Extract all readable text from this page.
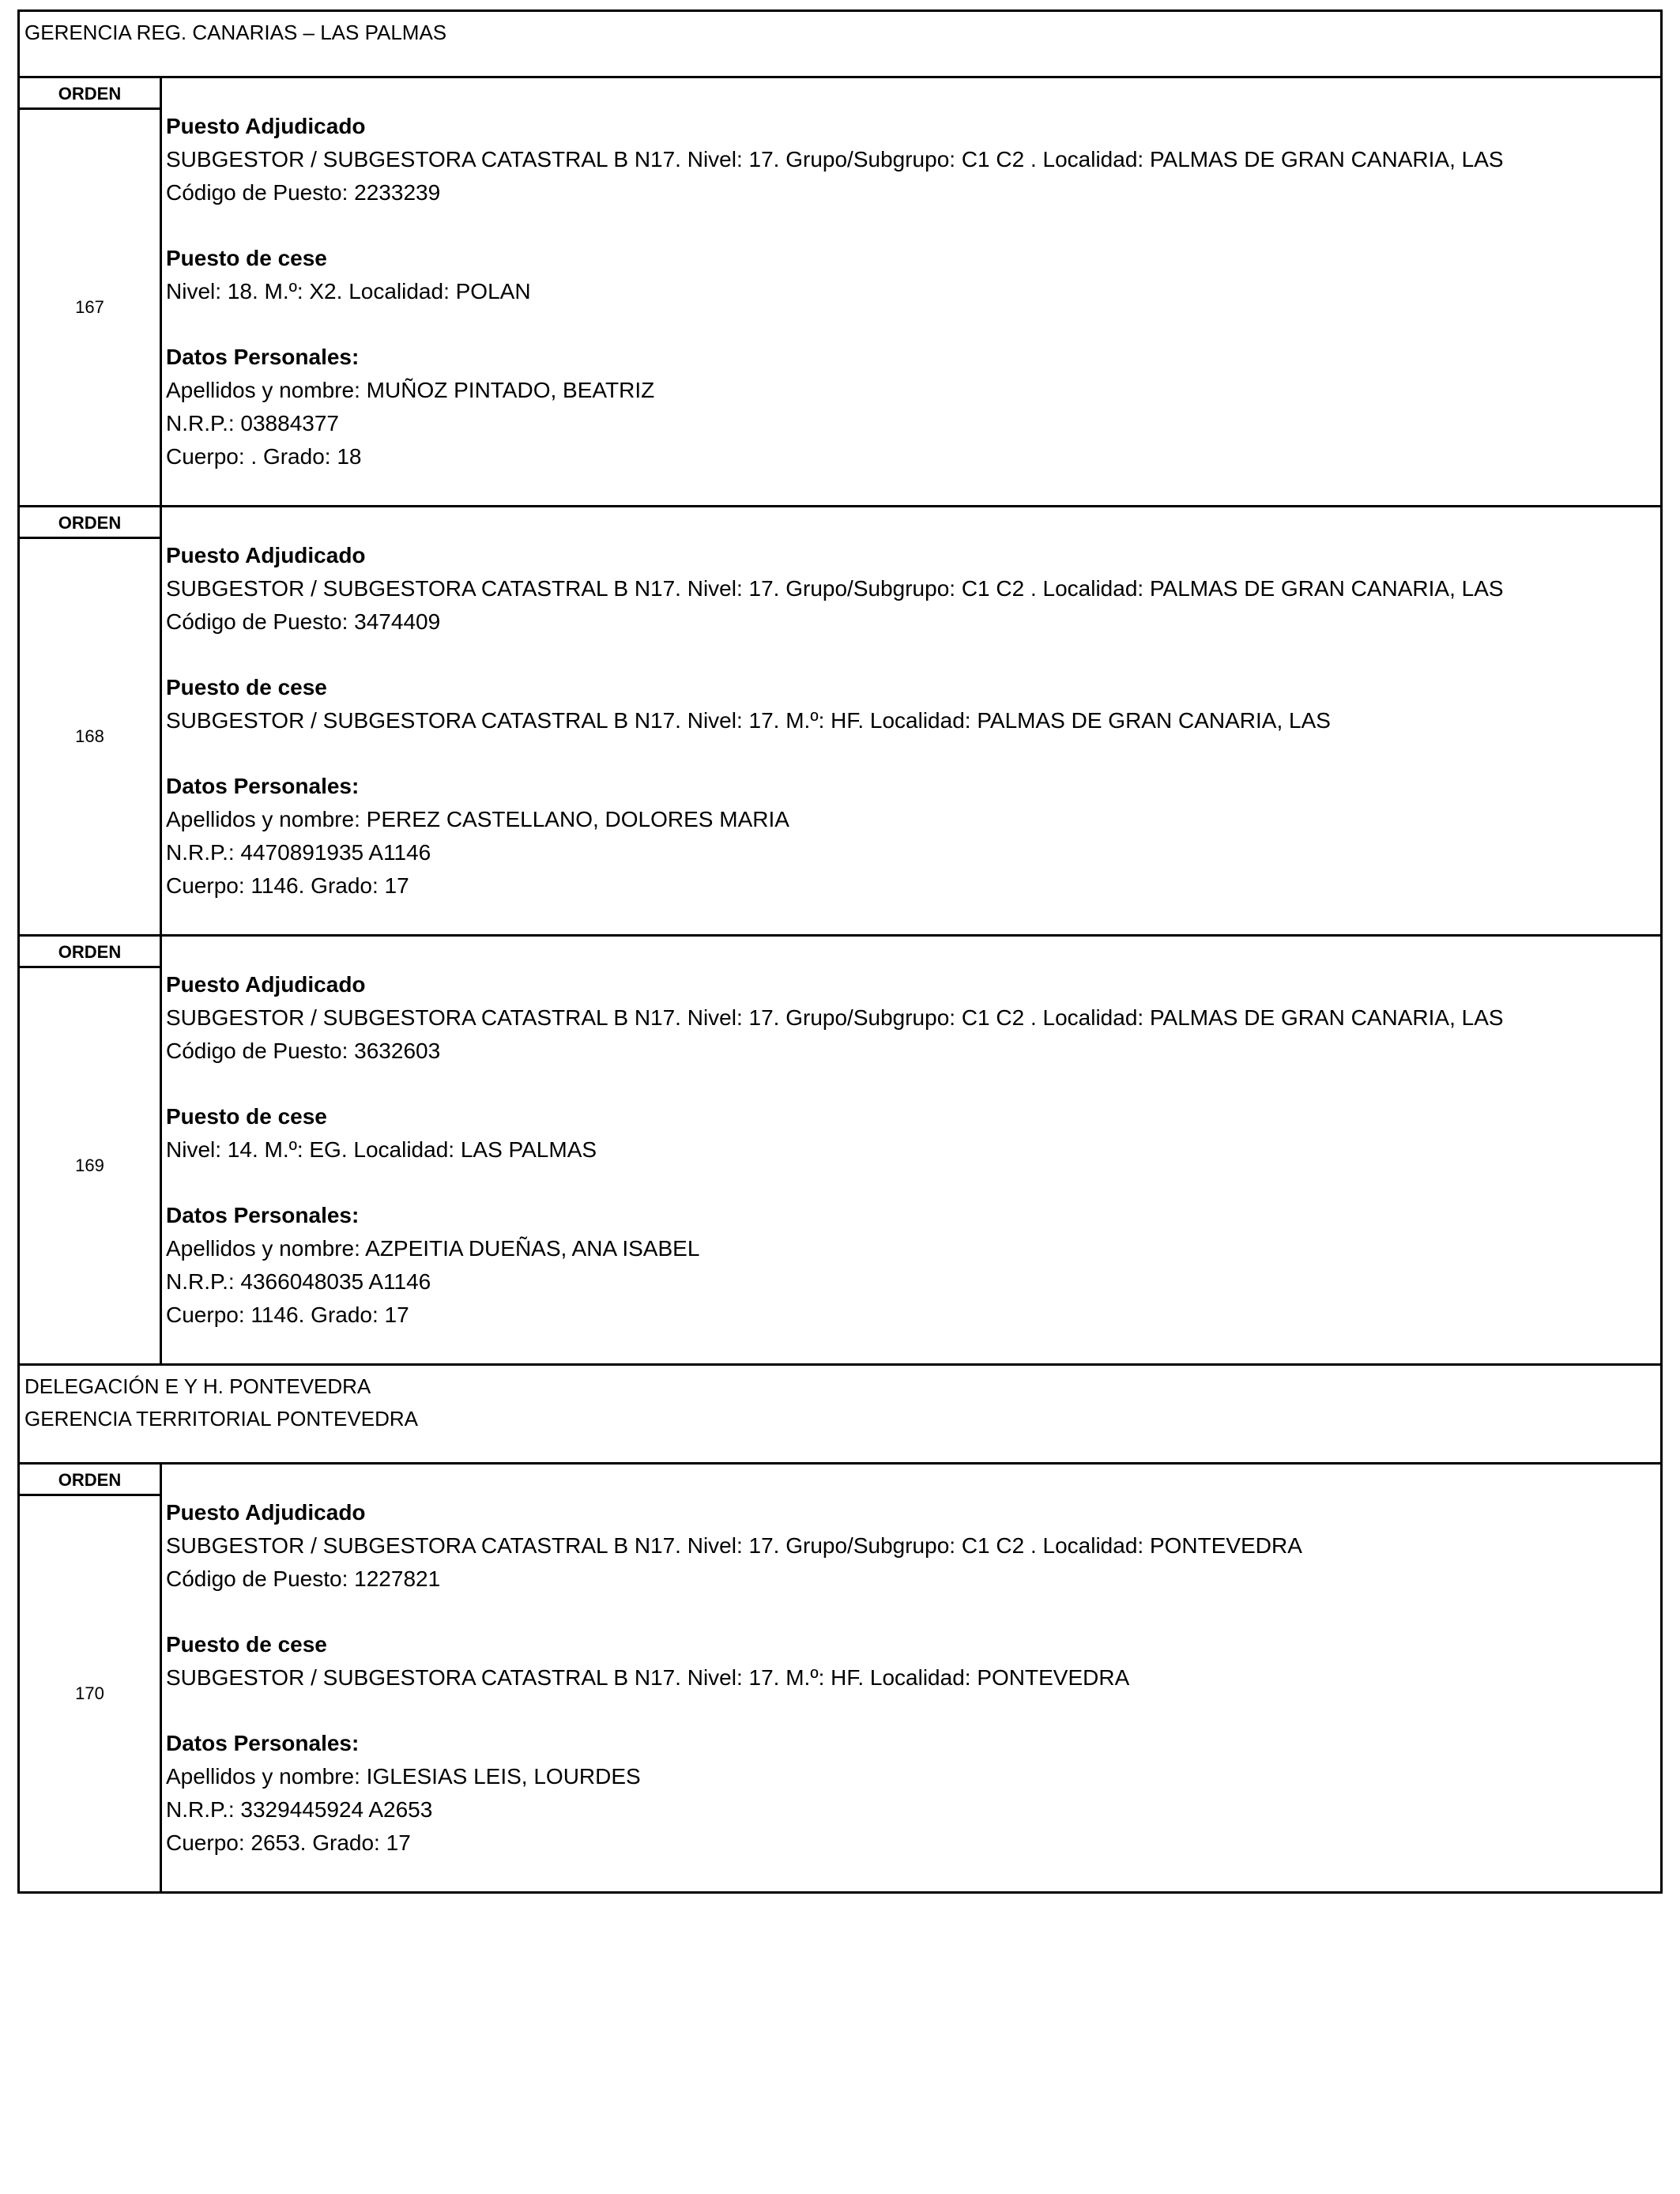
GERENCIA REG. CANARIAS – LAS PALMAS
ORDEN
167
Puesto Adjudicado
SUBGESTOR / SUBGESTORA CATASTRAL B N17. Nivel: 17. Grupo/Subgrupo: C1 C2 . Localidad: PALMAS DE GRAN CANARIA, LAS
Código de Puesto: 2233239
Puesto de cese
Nivel: 18. M.º: X2. Localidad: POLAN
Datos Personales:
Apellidos y nombre: MUÑOZ PINTADO, BEATRIZ
N.R.P.: 03884377
Cuerpo: . Grado: 18
ORDEN
168
Puesto Adjudicado
SUBGESTOR / SUBGESTORA CATASTRAL B N17. Nivel: 17. Grupo/Subgrupo: C1 C2 . Localidad: PALMAS DE GRAN CANARIA, LAS
Código de Puesto: 3474409
Puesto de cese
SUBGESTOR / SUBGESTORA CATASTRAL B N17. Nivel: 17. M.º: HF. Localidad: PALMAS DE GRAN CANARIA, LAS
Datos Personales:
Apellidos y nombre: PEREZ CASTELLANO, DOLORES MARIA
N.R.P.: 4470891935 A1146
Cuerpo: 1146. Grado: 17
ORDEN
169
Puesto Adjudicado
SUBGESTOR / SUBGESTORA CATASTRAL B N17. Nivel: 17. Grupo/Subgrupo: C1 C2 . Localidad: PALMAS DE GRAN CANARIA, LAS
Código de Puesto: 3632603
Puesto de cese
Nivel: 14. M.º: EG. Localidad: LAS PALMAS
Datos Personales:
Apellidos y nombre: AZPEITIA DUEÑAS, ANA ISABEL
N.R.P.: 4366048035 A1146
Cuerpo: 1146. Grado: 17
DELEGACIÓN E Y H. PONTEVEDRA
GERENCIA TERRITORIAL PONTEVEDRA
ORDEN
170
Puesto Adjudicado
SUBGESTOR / SUBGESTORA CATASTRAL B N17. Nivel: 17. Grupo/Subgrupo: C1 C2 . Localidad: PONTEVEDRA
Código de Puesto: 1227821
Puesto de cese
SUBGESTOR / SUBGESTORA CATASTRAL B N17. Nivel: 17. M.º: HF. Localidad: PONTEVEDRA
Datos Personales:
Apellidos y nombre: IGLESIAS LEIS, LOURDES
N.R.P.: 3329445924 A2653
Cuerpo: 2653. Grado: 17
